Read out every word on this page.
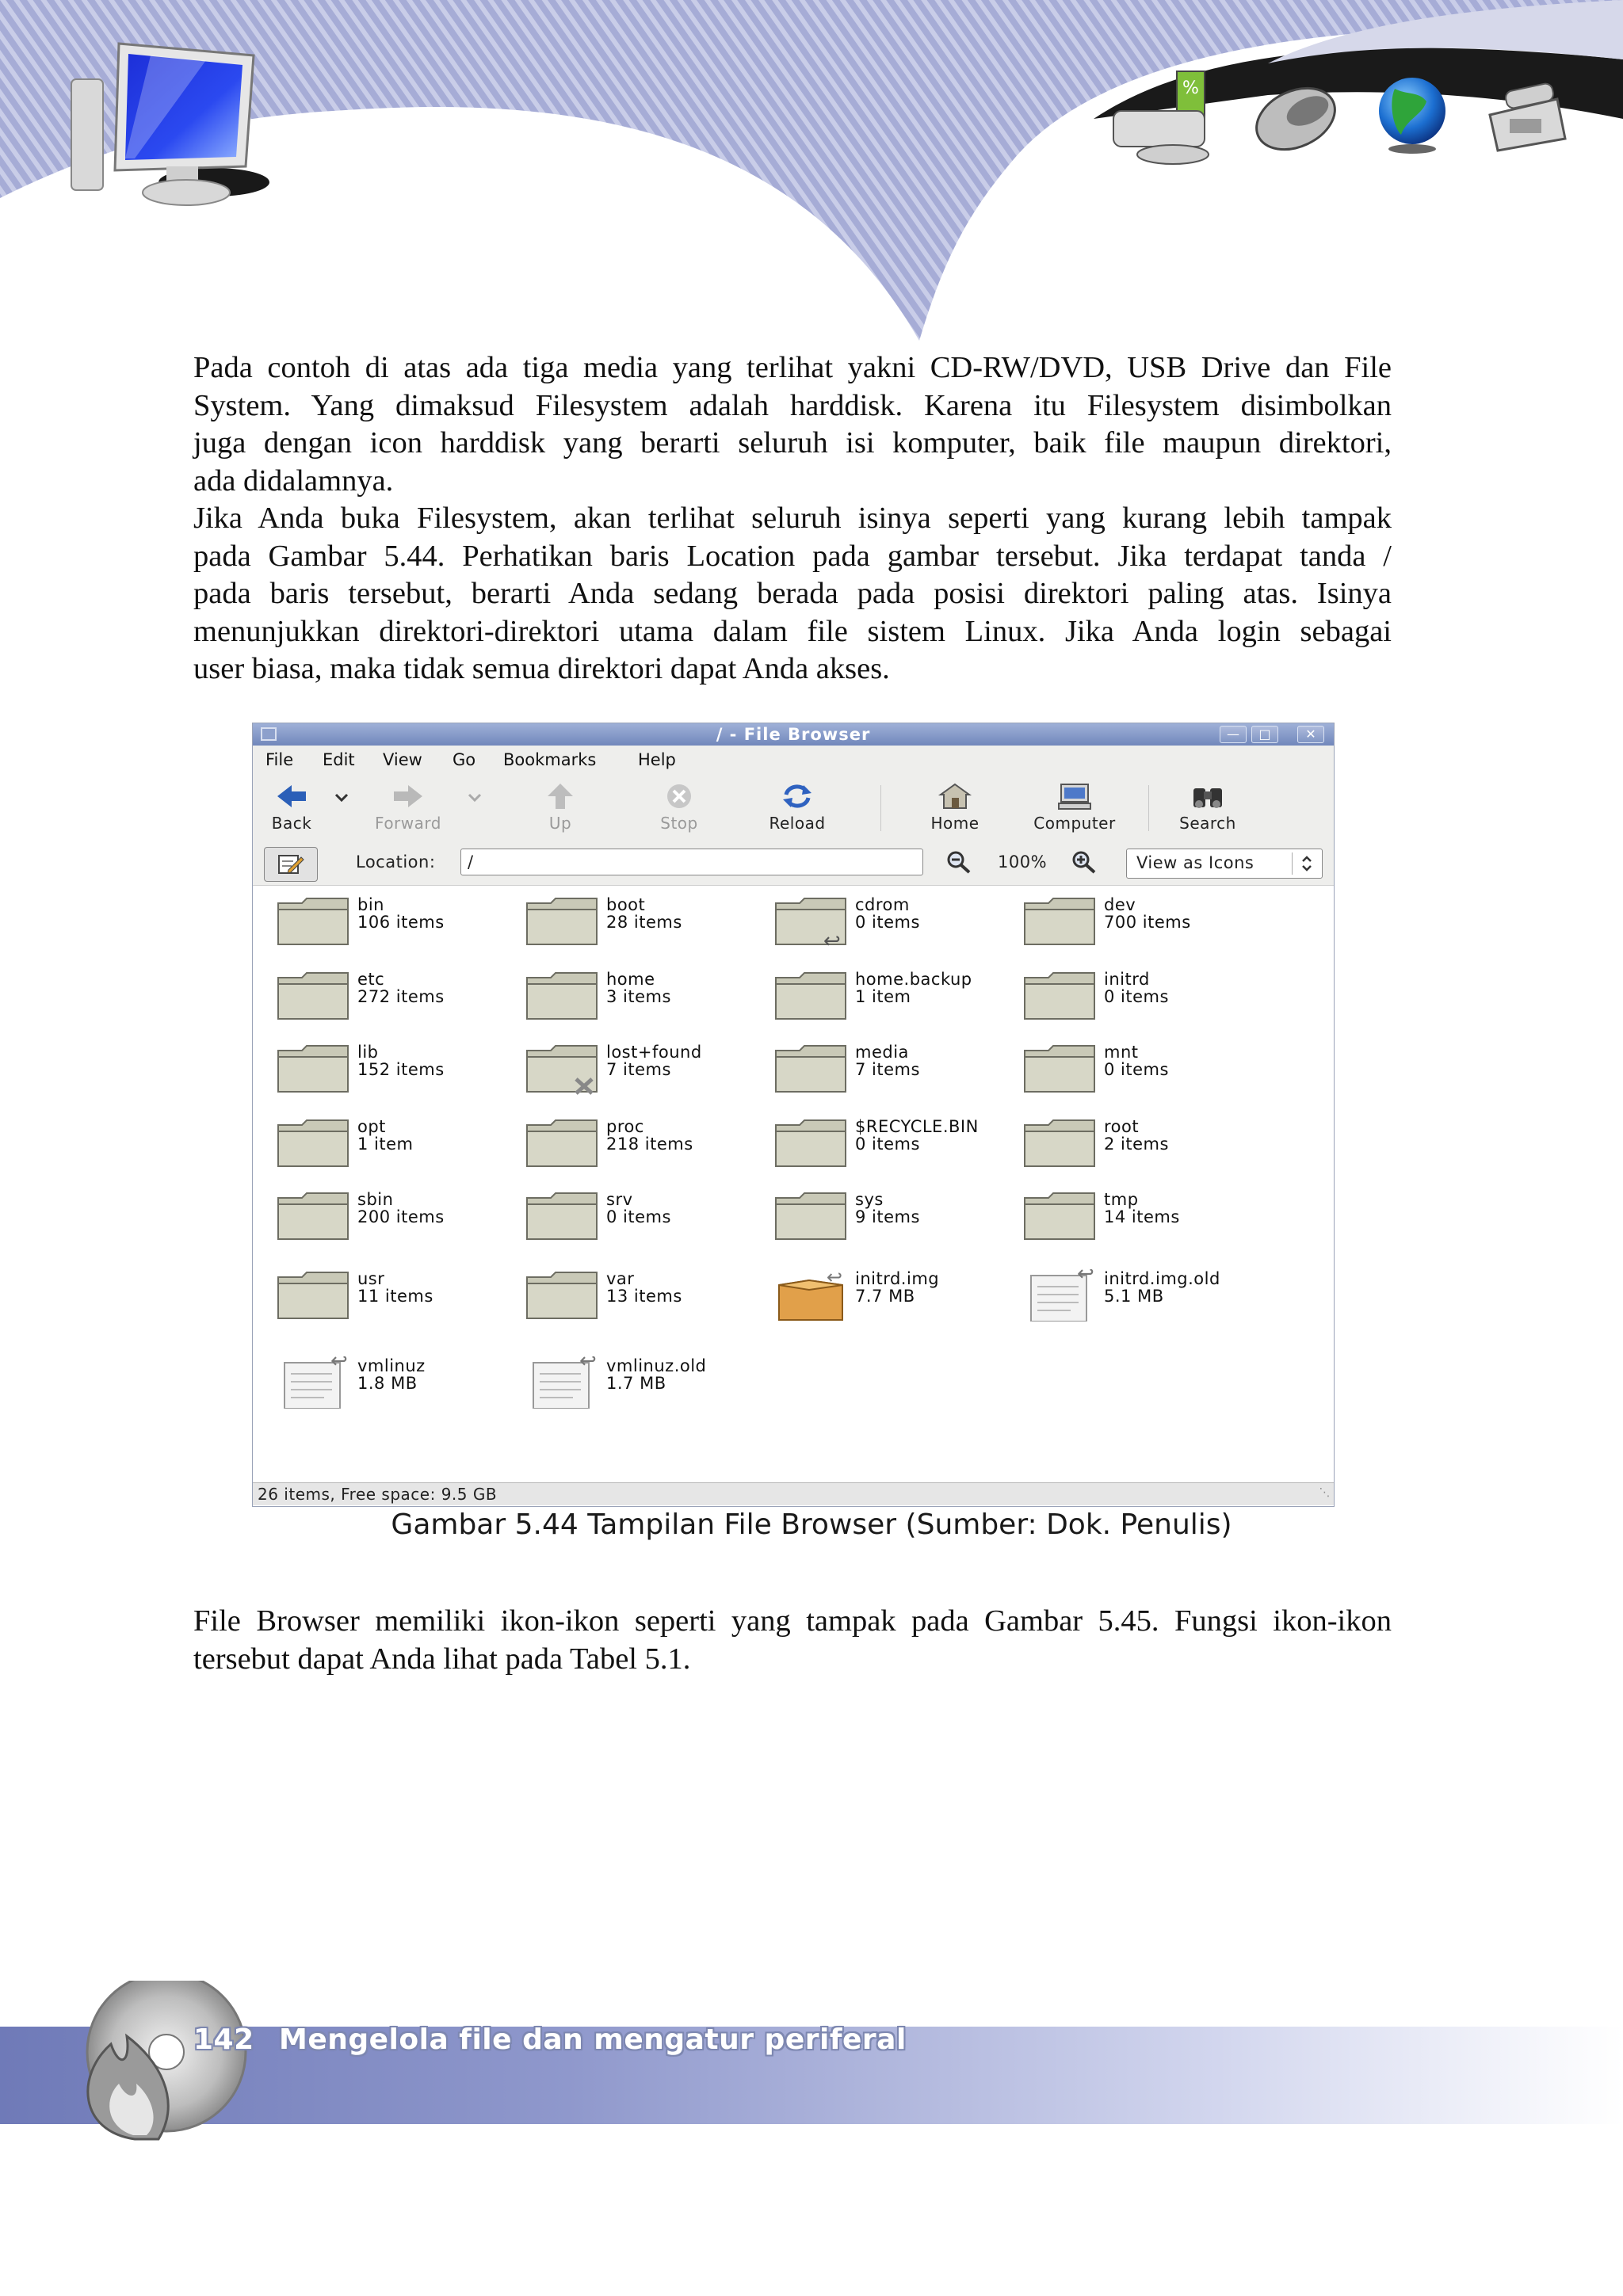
%
Pada contoh di atas ada tiga media yang terlihat yakni CD-RW/DVD, USB Drive dan File
System. Yang dimaksud Filesystem adalah harddisk. Karena itu Filesystem disimbolkan
juga dengan icon harddisk yang berarti seluruh isi komputer, baik file maupun direktori,
ada didalamnya.
Jika Anda buka Filesystem, akan terlihat seluruh isinya seperti yang kurang lebih tampak
pada Gambar 5.44. Perhatikan baris Location pada gambar tersebut. Jika terdapat tanda /
pada baris tersebut, berarti Anda sedang berada pada posisi direktori paling atas. Isinya
menunjukkan direktori-direktori utama dalam file sistem Linux. Jika Anda login sebagai
user biasa, maka tidak semua direktori dapat Anda akses.
/ - File Browser	—	□	✕
File Edit View Go Bookmarks	Help
Back	Forward	Up	Stop	Reload	Home	Computer	Search
Location: /	100%	View as Icons
bin
106 items
boot
28 items
↩
cdrom
0 items
dev
700 items
etc
272 items
home
3 items
home.backup
1 item
initrd
0 items
lib
152 items
lost+found
7 items
media
7 items
mnt
0 items
opt
1 item
proc
218 items
$RECYCLE.BIN
0 items
root
2 items
sbin
200 items
srv
0 items
sys
9 items
tmp
14 items
usr
11 items
var
13 items
↩ initrd.img
7.7 MB
↩ initrd.img.old
5.1 MB
↩ vmlinuz
1.8 MB
↩ vmlinuz.old
1.7 MB
26 items, Free space: 9.5 GB	⋱
Gambar 5.44 Tampilan File Browser (Sumber: Dok. Penulis)
File Browser memiliki ikon-ikon seperti yang tampak pada Gambar 5.45. Fungsi ikon-ikon
tersebut dapat Anda lihat pada Tabel 5.1.
142 Mengelola file dan mengatur periferal
